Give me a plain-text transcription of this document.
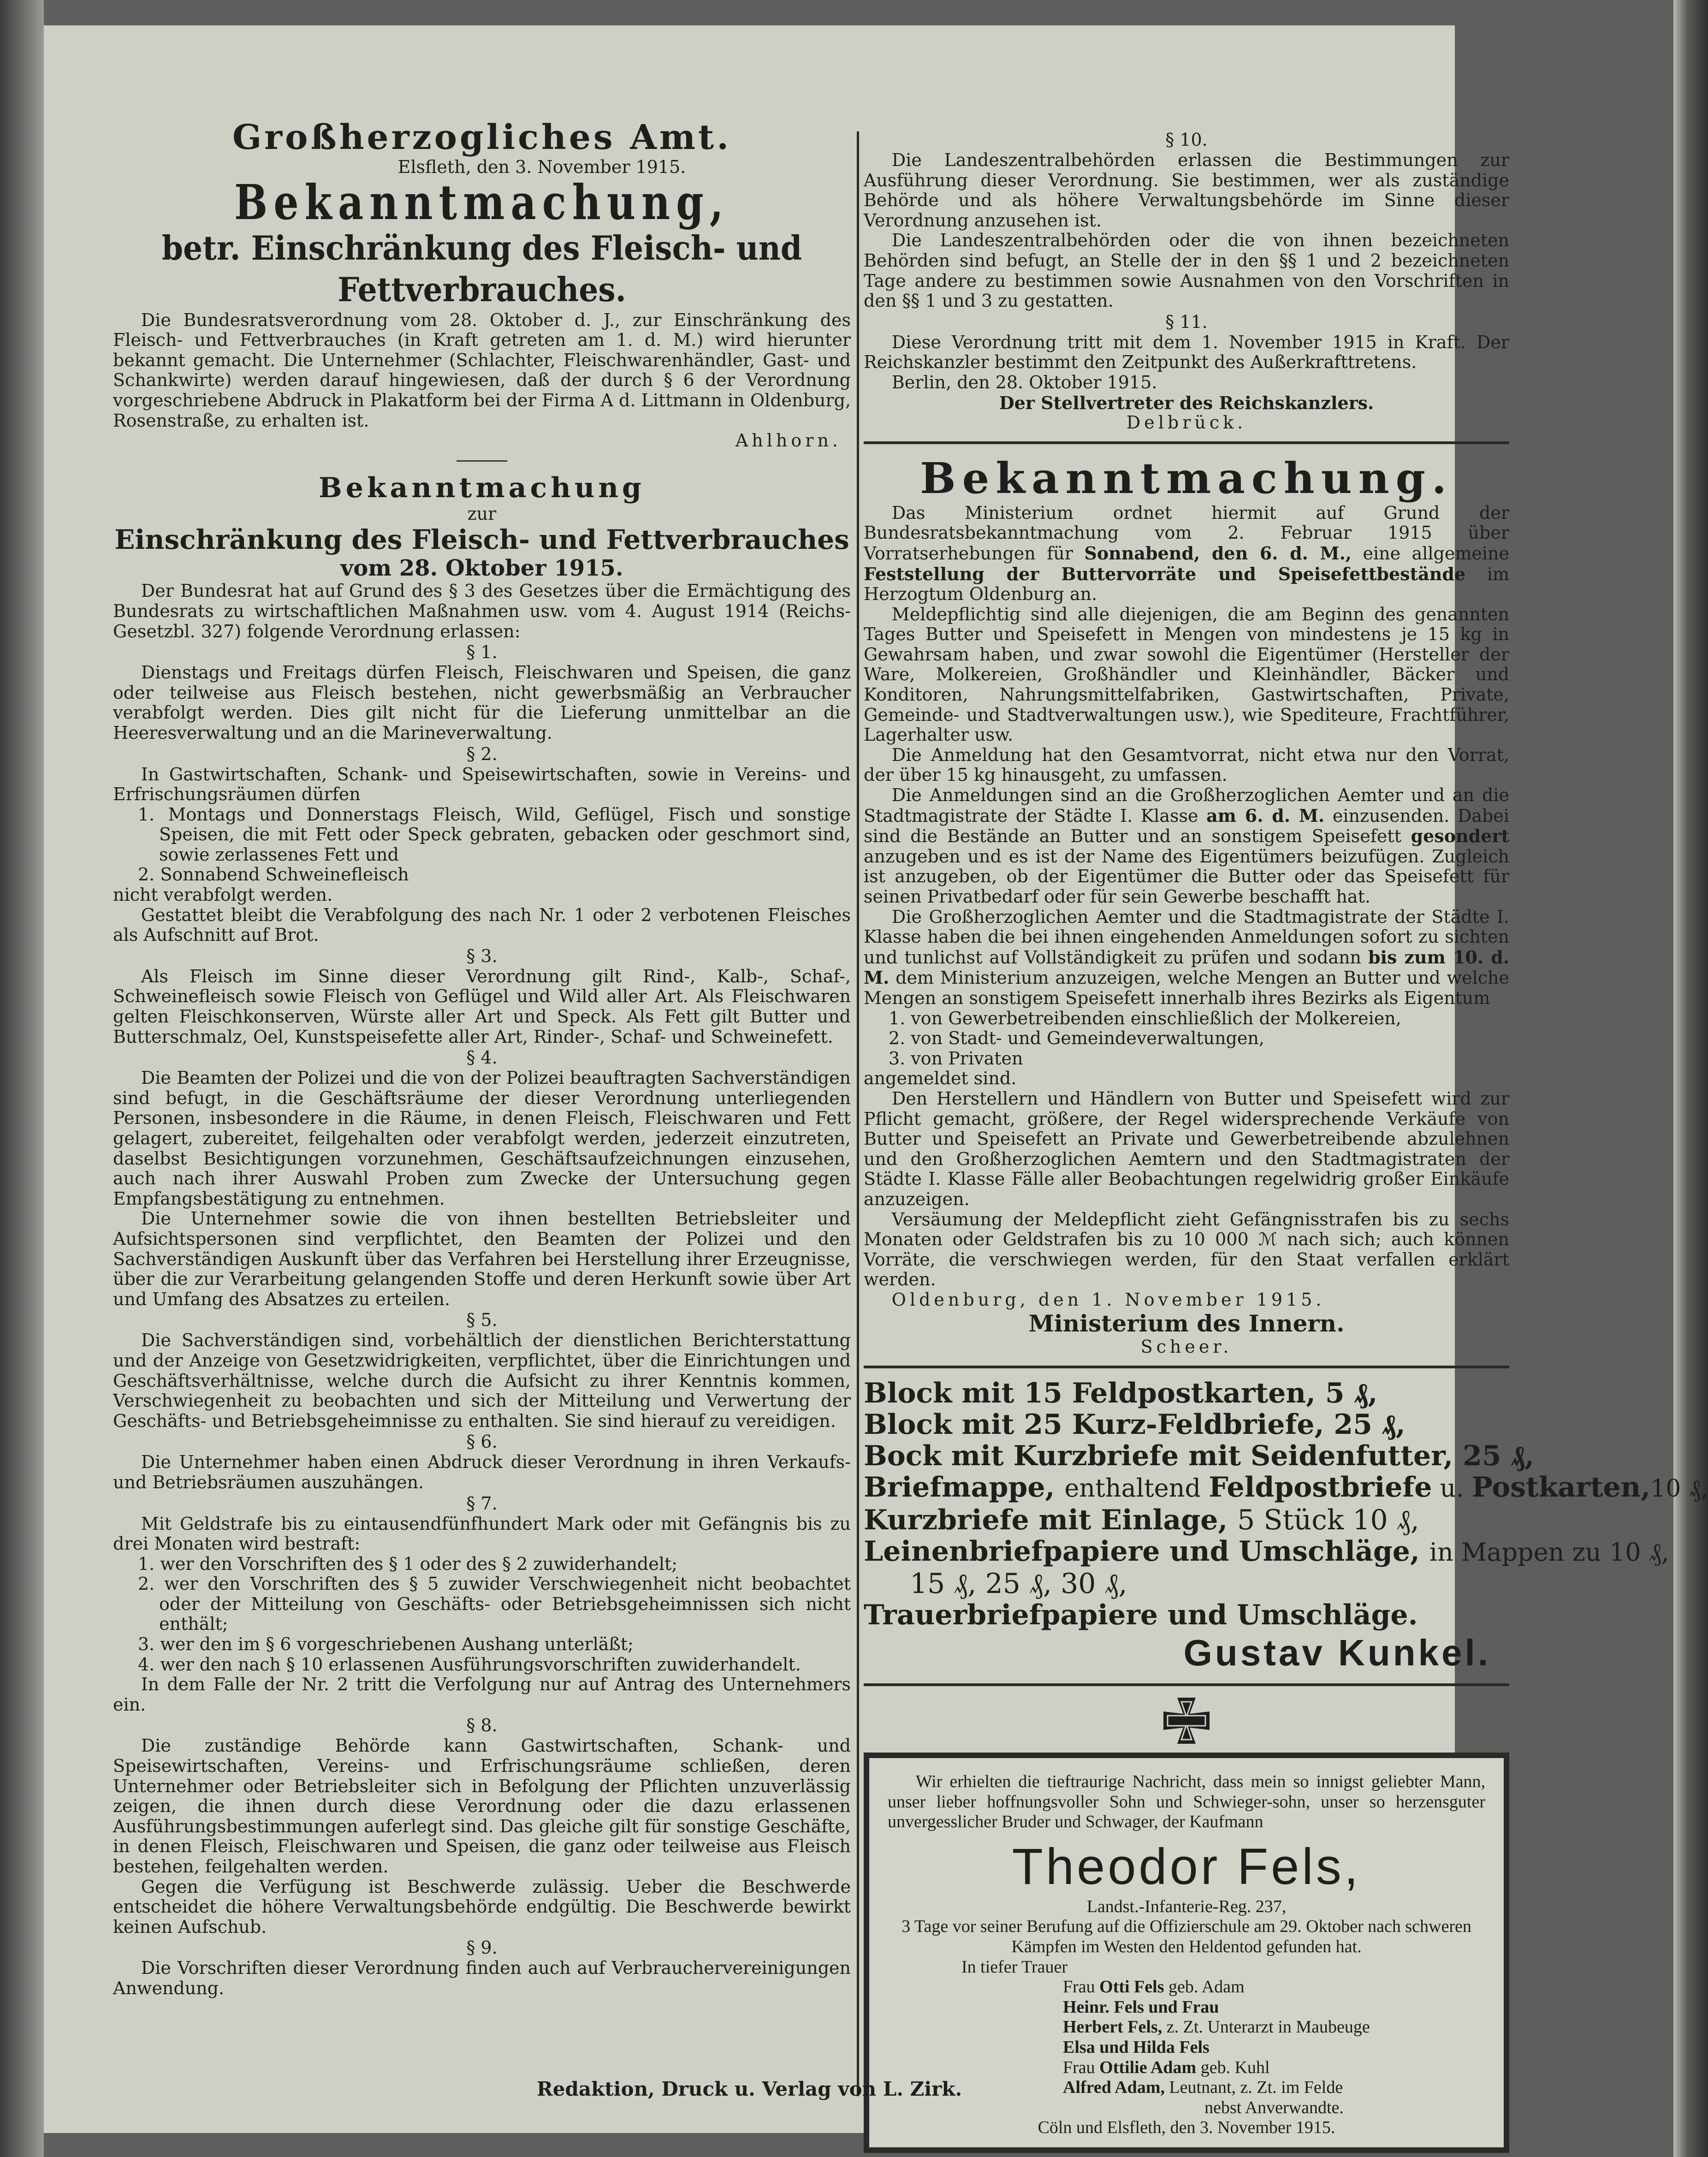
Großherzogliches Amt.

Elsfleth, den 3. November 1915.

Bekanntmachung,

betr. Einschränkung des Fleisch- und Fettverbrauches.

Die Bundesratsverordnung vom 28. Oktober d. J., zur Einschränkung des Fleisch- und Fettverbrauches (in Kraft getreten am 1. d. M.) wird hierunter bekannt gemacht. Die Unternehmer (Schlachter, Fleischwarenhändler, Gast- und Schankwirte) werden darauf hingewiesen, daß der durch § 6 der Verordnung vorgeschriebene Abdruck in Plakatform bei der Firma A d. Littmann in Oldenburg, Rosenstraße, zu erhalten ist.

Ahlhorn.

Bekanntmachung

zur

Einschränkung des Fleisch- und Fettverbrauches

vom 28. Oktober 1915.

Der Bundesrat hat auf Grund des § 3 des Gesetzes über die Ermächtigung des Bundesrats zu wirtschaftlichen Maßnahmen usw. vom 4. August 1914 (Reichs-Gesetzbl. 327) folgende Verordnung erlassen:

§ 1.

Dienstags und Freitags dürfen Fleisch, Fleischwaren und Speisen, die ganz oder teilweise aus Fleisch bestehen, nicht gewerbsmäßig an Verbraucher verabfolgt werden. Dies gilt nicht für die Lieferung unmittelbar an die Heeresverwaltung und an die Marineverwaltung.

§ 2.

In Gastwirtschaften, Schank- und Speisewirtschaften, sowie in Vereins- und Erfrischungsräumen dürfen

1. Montags und Donnerstags Fleisch, Wild, Geflügel, Fisch und sonstige Speisen, die mit Fett oder Speck gebraten, gebacken oder geschmort sind, sowie zerlassenes Fett und

2. Sonnabend Schweinefleisch

nicht verabfolgt werden.

Gestattet bleibt die Verabfolgung des nach Nr. 1 oder 2 verbotenen Fleisches als Aufschnitt auf Brot.

§ 3.

Als Fleisch im Sinne dieser Verordnung gilt Rind-, Kalb-, Schaf-, Schweinefleisch sowie Fleisch von Geflügel und Wild aller Art. Als Fleischwaren gelten Fleischkonserven, Würste aller Art und Speck. Als Fett gilt Butter und Butterschmalz, Oel, Kunstspeisefette aller Art, Rinder-, Schaf- und Schweinefett.

§ 4.

Die Beamten der Polizei und die von der Polizei beauftragten Sachverständigen sind befugt, in die Geschäftsräume der dieser Verordnung unterliegenden Personen, insbesondere in die Räume, in denen Fleisch, Fleischwaren und Fett gelagert, zubereitet, feilgehalten oder verabfolgt werden, jederzeit einzutreten, daselbst Besichtigungen vorzunehmen, Geschäftsaufzeichnungen einzusehen, auch nach ihrer Auswahl Proben zum Zwecke der Untersuchung gegen Empfangsbestätigung zu entnehmen.

Die Unternehmer sowie die von ihnen bestellten Betriebsleiter und Aufsichtspersonen sind verpflichtet, den Beamten der Polizei und den Sachverständigen Auskunft über das Verfahren bei Herstellung ihrer Erzeugnisse, über die zur Verarbeitung gelangenden Stoffe und deren Herkunft sowie über Art und Umfang des Absatzes zu erteilen.

§ 5.

Die Sachverständigen sind, vorbehältlich der dienstlichen Berichterstattung und der Anzeige von Gesetzwidrigkeiten, verpflichtet, über die Einrichtungen und Geschäftsverhältnisse, welche durch die Aufsicht zu ihrer Kenntnis kommen, Verschwiegenheit zu beobachten und sich der Mitteilung und Verwertung der Geschäfts- und Betriebsgeheimnisse zu enthalten. Sie sind hierauf zu vereidigen.

§ 6.

Die Unternehmer haben einen Abdruck dieser Verordnung in ihren Verkaufs- und Betriebsräumen auszuhängen.

§ 7.

Mit Geldstrafe bis zu eintausendfünfhundert Mark oder mit Gefängnis bis zu drei Monaten wird bestraft:

1. wer den Vorschriften des § 1 oder des § 2 zuwiderhandelt;

2. wer den Vorschriften des § 5 zuwider Verschwiegenheit nicht beobachtet oder der Mitteilung von Geschäfts- oder Betriebsgeheimnissen sich nicht enthält;

3. wer den im § 6 vorgeschriebenen Aushang unterläßt;

4. wer den nach § 10 erlassenen Ausführungsvorschriften zuwiderhandelt.

In dem Falle der Nr. 2 tritt die Verfolgung nur auf Antrag des Unternehmers ein.

§ 8.

Die zuständige Behörde kann Gastwirtschaften, Schank- und Speisewirtschaften, Vereins- und Erfrischungsräume schließen, deren Unternehmer oder Betriebsleiter sich in Befolgung der Pflichten unzuverlässig zeigen, die ihnen durch diese Verordnung oder die dazu erlassenen Ausführungsbestimmungen auferlegt sind. Das gleiche gilt für sonstige Geschäfte, in denen Fleisch, Fleischwaren und Speisen, die ganz oder teilweise aus Fleisch bestehen, feilgehalten werden.

Gegen die Verfügung ist Beschwerde zulässig. Ueber die Beschwerde entscheidet die höhere Verwaltungsbehörde endgültig. Die Beschwerde bewirkt keinen Aufschub.

§ 9.

Die Vorschriften dieser Verordnung finden auch auf Verbrauchervereinigungen Anwendung.

§ 10.

Die Landeszentralbehörden erlassen die Bestimmungen zur Ausführung dieser Verordnung. Sie bestimmen, wer als zuständige Behörde und als höhere Verwaltungsbehörde im Sinne dieser Verordnung anzusehen ist.

Die Landeszentralbehörden oder die von ihnen bezeichneten Behörden sind befugt, an Stelle der in den §§ 1 und 2 bezeichneten Tage andere zu bestimmen sowie Ausnahmen von den Vorschriften in den §§ 1 und 3 zu gestatten.

§ 11.

Diese Verordnung tritt mit dem 1. November 1915 in Kraft. Der Reichskanzler bestimmt den Zeitpunkt des Außerkrafttretens.

Berlin, den 28. Oktober 1915.

Der Stellvertreter des Reichskanzlers.

Delbrück.

Bekanntmachung.

Das Ministerium ordnet hiermit auf Grund der Bundesratsbekanntmachung vom 2. Februar 1915 über Vorratserhebungen für Sonnabend, den 6. d. M., eine allgemeine Feststellung der Buttervorräte und Speisefettbestände im Herzogtum Oldenburg an.

Meldepflichtig sind alle diejenigen, die am Beginn des genannten Tages Butter und Speisefett in Mengen von mindestens je 15 kg in Gewahrsam haben, und zwar sowohl die Eigentümer (Hersteller der Ware, Molkereien, Großhändler und Kleinhändler, Bäcker und Konditoren, Nahrungsmittelfabriken, Gastwirtschaften, Private, Gemeinde- und Stadtverwaltungen usw.), wie Spediteure, Frachtführer, Lagerhalter usw.

Die Anmeldung hat den Gesamtvorrat, nicht etwa nur den Vorrat, der über 15 kg hinausgeht, zu umfassen.

Die Anmeldungen sind an die Großherzoglichen Aemter und an die Stadtmagistrate der Städte I. Klasse am 6. d. M. einzusenden. Dabei sind die Bestände an Butter und an sonstigem Speisefett gesondert anzugeben und es ist der Name des Eigentümers beizufügen. Zugleich ist anzugeben, ob der Eigentümer die Butter oder das Speisefett für seinen Privatbedarf oder für sein Gewerbe beschafft hat.

Die Großherzoglichen Aemter und die Stadtmagistrate der Städte I. Klasse haben die bei ihnen eingehenden Anmeldungen sofort zu sichten und tunlichst auf Vollständigkeit zu prüfen und sodann bis zum 10. d. M. dem Ministerium anzuzeigen, welche Mengen an Butter und welche Mengen an sonstigem Speisefett innerhalb ihres Bezirks als Eigentum

1. von Gewerbetreibenden einschließlich der Molkereien,

2. von Stadt- und Gemeindeverwaltungen,

3. von Privaten

angemeldet sind.

Den Herstellern und Händlern von Butter und Speisefett wird zur Pflicht gemacht, größere, der Regel widersprechende Verkäufe von Butter und Speisefett an Private und Gewerbetreibende abzulehnen und den Großherzoglichen Aemtern und den Stadtmagistraten der Städte I. Klasse Fälle aller Beobachtungen regelwidrig großer Einkäufe anzuzeigen.

Versäumung der Meldepflicht zieht Gefängnisstrafen bis zu sechs Monaten oder Geldstrafen bis zu 10 000 ℳ nach sich; auch können Vorräte, die verschwiegen werden, für den Staat verfallen erklärt werden.

Oldenburg, den 1. November 1915.

Ministerium des Innern.

Scheer.

Block mit 15 Feldpostkarten, 5 ₰,

Block mit 25 Kurz-Feldbriefe, 25 ₰,

Bock mit Kurzbriefe mit Seidenfutter, 25 ₰,

Briefmappe, enthaltend Feldpostbriefe u. Postkarten,10 ₰,

Kurzbriefe mit Einlage, 5 Stück 10 ₰,

Leinenbriefpapiere und Umschläge, in Mappen zu 10 ₰,

15 ₰, 25 ₰, 30 ₰,

Trauerbriefpapiere und Umschläge.

Gustav Kunkel.

Wir erhielten die tieftraurige Nachricht, dass mein so innigst geliebter Mann, unser lieber hoffnungsvoller Sohn und Schwieger-sohn, unser so herzensguter unvergesslicher Bruder und Schwager, der Kaufmann

Theodor Fels,

Landst.-Infanterie-Reg. 237,

3 Tage vor seiner Berufung auf die Offizierschule am 29. Oktober nach schweren Kämpfen im Westen den Heldentod gefunden hat.

In tiefer Trauer

Frau Otti Fels geb. Adam

Heinr. Fels und Frau

Herbert Fels, z. Zt. Unterarzt in Maubeuge

Elsa und Hilda Fels

Frau Ottilie Adam geb. Kuhl

Alfred Adam, Leutnant, z. Zt. im Felde

nebst Anverwandte.

Cöln und Elsfleth, den 3. November 1915.

Redaktion, Druck u. Verlag von L. Zirk.
